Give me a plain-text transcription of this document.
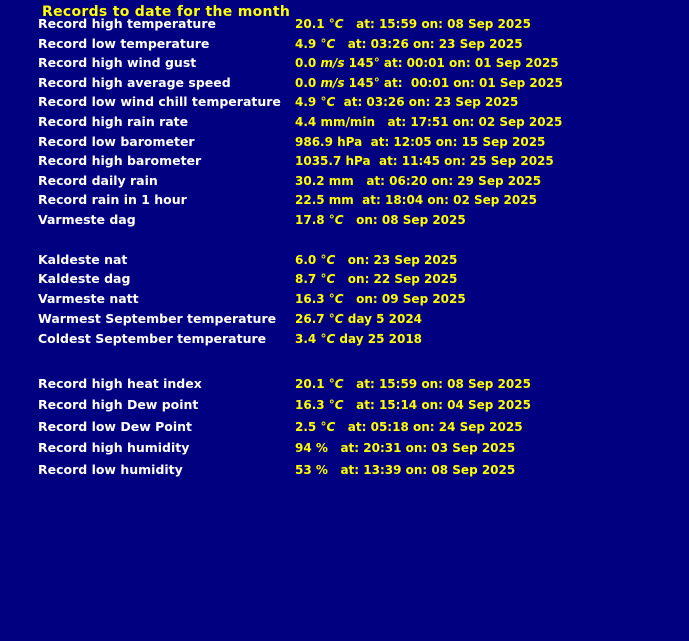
Records to date for the month
Record high temperature	20.1 °C   at: 15:59 on: 08 Sep 2025
Record low temperature	4.9 °C   at: 03:26 on: 23 Sep 2025
Record high wind gust	0.0 m/s 145° at: 00:01 on: 01 Sep 2025
Record high average speed	0.0 m/s 145° at:  00:01 on: 01 Sep 2025
Record low wind chill temperature	4.9 °C  at: 03:26 on: 23 Sep 2025
Record high rain rate	4.4 mm/min   at: 17:51 on: 02 Sep 2025
Record low barometer	986.9 hPa  at: 12:05 on: 15 Sep 2025
Record high barometer	1035.7 hPa  at: 11:45 on: 25 Sep 2025
Record daily rain	30.2 mm   at: 06:20 on: 29 Sep 2025
Record rain in 1 hour	22.5 mm  at: 18:04 on: 02 Sep 2025
Varmeste dag	17.8 °C   on: 08 Sep 2025
Kaldeste nat	6.0 °C   on: 23 Sep 2025
Kaldeste dag	8.7 °C   on: 22 Sep 2025
Varmeste natt	16.3 °C   on: 09 Sep 2025
Warmest September temperature	26.7 °C day 5 2024
Coldest September temperature	3.4 °C day 25 2018
Record high heat index	20.1 °C   at: 15:59 on: 08 Sep 2025
Record high Dew point	16.3 °C   at: 15:14 on: 04 Sep 2025
Record low Dew Point	2.5 °C   at: 05:18 on: 24 Sep 2025
Record high humidity	94 %   at: 20:31 on: 03 Sep 2025
Record low humidity	53 %   at: 13:39 on: 08 Sep 2025
